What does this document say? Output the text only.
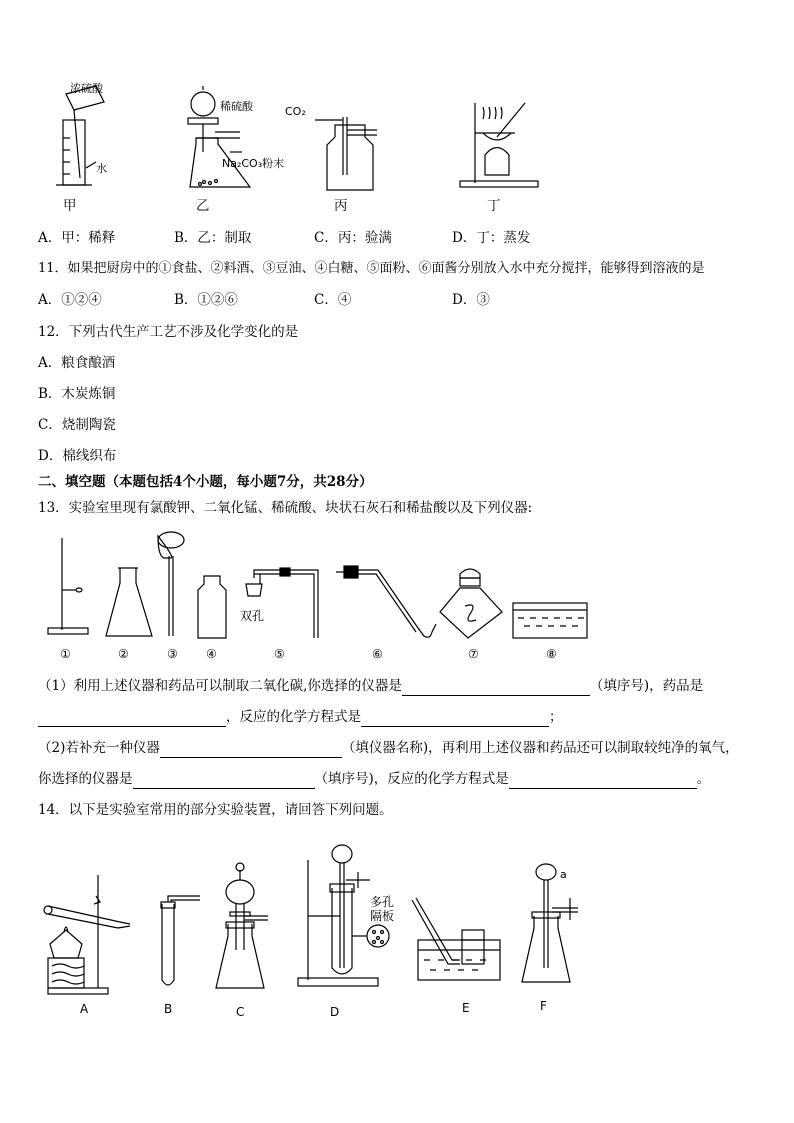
浓硫酸
水
稀硫酸
Na₂CO₃粉末
CO₂
甲	乙	丙	丁
A．甲：稀释	B．乙：制取	C．丙：验满	D．丁：蒸发
11．如果把厨房中的①食盐、②料酒、③豆油、④白糖、⑤面粉、⑥面酱分别放入水中充分搅拌，能够得到溶液的是
A．①②④	B．①②⑥	C．④	D．③
12．下列古代生产工艺不涉及化学变化的是
A．粮食酿酒
B．木炭炼铜
C．烧制陶瓷
D．棉线织布
二、填空题（本题包括4个小题，每小题7分，共28分）
13．实验室里现有氯酸钾、二氧化锰、稀硫酸、块状石灰石和稀盐酸以及下列仪器:
双孔
①	②	③ ④	⑤	⑥	⑦	⑧
（1）利用上述仪器和药品可以制取二氧化碳,你选择的仪器是	（填序号)，药品是
，反应的化学方程式是	；
（2)若补充一种仪器	（填仪器名称)，再利用上述仪器和药品还可以制取较纯净的氧气，
你选择的仪器是	（填序号)，反应的化学方程式是	。
14．以下是实验室常用的部分实验装置，请回答下列问题。
多孔
隔板
a
A	B	C	D	E	F
